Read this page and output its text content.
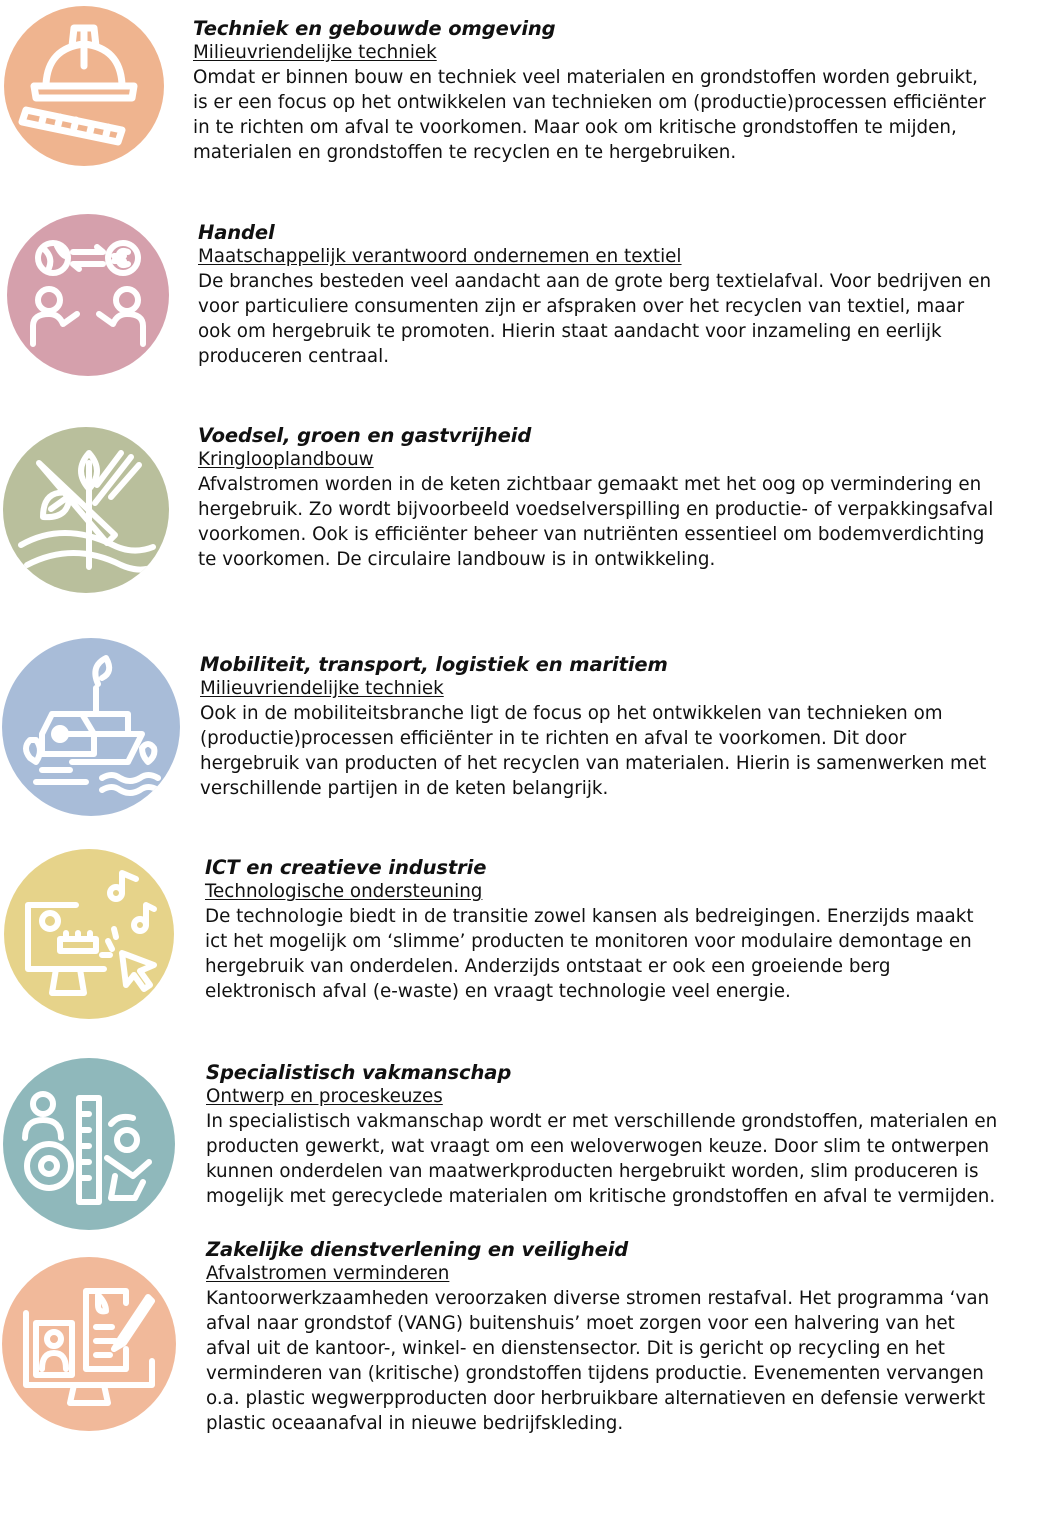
Techniek en gebouwde omgeving

Milieuvriendelijke techniek

Omdat er binnen bouw en techniek veel materialen en grondstoffen worden gebruikt,
is er een focus op het ontwikkelen van technieken om (productie)processen efficiënter
in te richten om afval te voorkomen. Maar ook om kritische grondstoffen te mijden,
materialen en grondstoffen te recyclen en te hergebruiken.

Handel

Maatschappelijk verantwoord ondernemen en textiel

De branches besteden veel aandacht aan de grote berg textielafval. Voor bedrijven en
voor particuliere consumenten zijn er afspraken over het recyclen van textiel, maar
ook om hergebruik te promoten. Hierin staat aandacht voor inzameling en eerlijk
produceren centraal.

Voedsel, groen en gastvrijheid

Kringlooplandbouw

Afvalstromen worden in de keten zichtbaar gemaakt met het oog op vermindering en
hergebruik. Zo wordt bijvoorbeeld voedselverspilling en productie- of verpakkingsafval
voorkomen. Ook is efficiënter beheer van nutriënten essentieel om bodemverdichting
te voorkomen. De circulaire landbouw is in ontwikkeling.

Mobiliteit, transport, logistiek en maritiem

Milieuvriendelijke techniek

Ook in de mobiliteitsbranche ligt de focus op het ontwikkelen van technieken om
(productie)processen efficiënter in te richten en afval te voorkomen. Dit door
hergebruik van producten of het recyclen van materialen. Hierin is samenwerken met
verschillende partijen in de keten belangrijk.

ICT en creatieve industrie

Technologische ondersteuning

De technologie biedt in de transitie zowel kansen als bedreigingen. Enerzijds maakt
ict het mogelijk om ‘slimme’ producten te monitoren voor modulaire demontage en
hergebruik van onderdelen. Anderzijds ontstaat er ook een groeiende berg
elektronisch afval (e-waste) en vraagt technologie veel energie.

Specialistisch vakmanschap

Ontwerp en proceskeuzes

In specialistisch vakmanschap wordt er met verschillende grondstoffen, materialen en
producten gewerkt, wat vraagt om een weloverwogen keuze. Door slim te ontwerpen
kunnen onderdelen van maatwerkproducten hergebruikt worden, slim produceren is
mogelijk met gerecyclede materialen om kritische grondstoffen en afval te vermijden.

Zakelijke dienstverlening en veiligheid

Afvalstromen verminderen

Kantoorwerkzaamheden veroorzaken diverse stromen restafval. Het programma ‘van
afval naar grondstof (VANG) buitenshuis’ moet zorgen voor een halvering van het
afval uit de kantoor-, winkel- en dienstensector. Dit is gericht op recycling en het
verminderen van (kritische) grondstoffen tijdens productie. Evenementen vervangen
o.a. plastic wegwerpproducten door herbruikbare alternatieven en defensie verwerkt
plastic oceaanafval in nieuwe bedrijfskleding.
